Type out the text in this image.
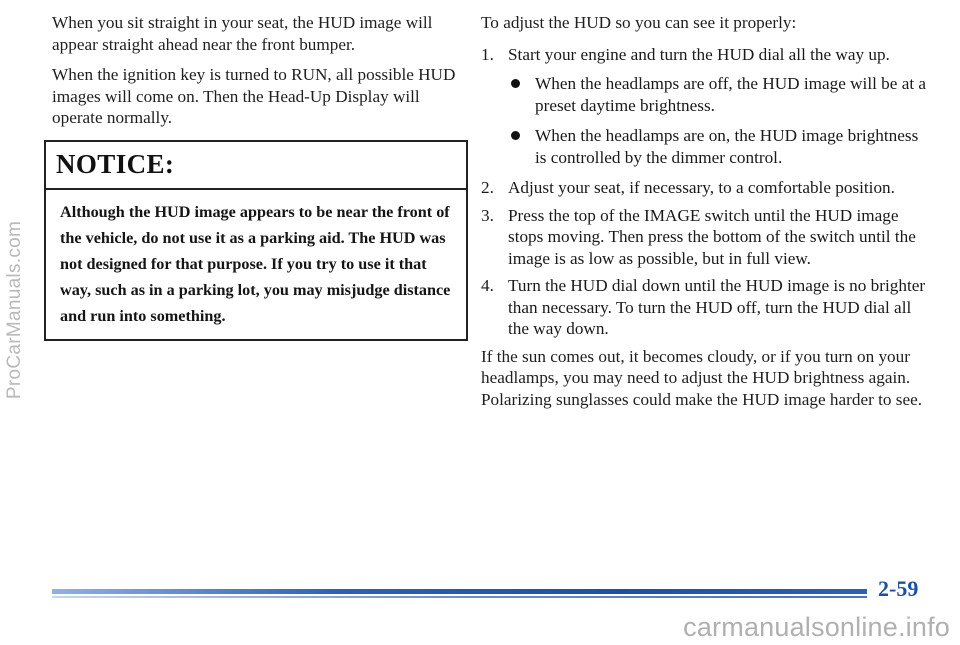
ProCarManuals.com

When you sit straight in your seat, the HUD image will appear straight ahead near the front bumper.

When the ignition key is turned to RUN, all possible HUD images will come on. Then the Head-Up Display will operate normally.

NOTICE:
Although the HUD image appears to be near the front of the vehicle, do not use it as a parking aid. The HUD was not designed for that purpose. If you try to use it that way, such as in a parking lot, you may misjudge distance and run into something.

To adjust the HUD so you can see it properly:

1. Start your engine and turn the HUD dial all the way up.
When the headlamps are off, the HUD image will be at a preset daytime brightness.
When the headlamps are on, the HUD image brightness is controlled by the dimmer control.
2. Adjust your seat, if necessary, to a comfortable position.
3. Press the top of the IMAGE switch until the HUD image stops moving. Then press the bottom of the switch until the image is as low as possible, but in full view.
4. Turn the HUD dial down until the HUD image is no brighter than necessary. To turn the HUD off, turn the HUD dial all the way down.

If the sun comes out, it becomes cloudy, or if you turn on your headlamps, you may need to adjust the HUD brightness again. Polarizing sunglasses could make the HUD image harder to see.

2-59
carmanualsonline.info
